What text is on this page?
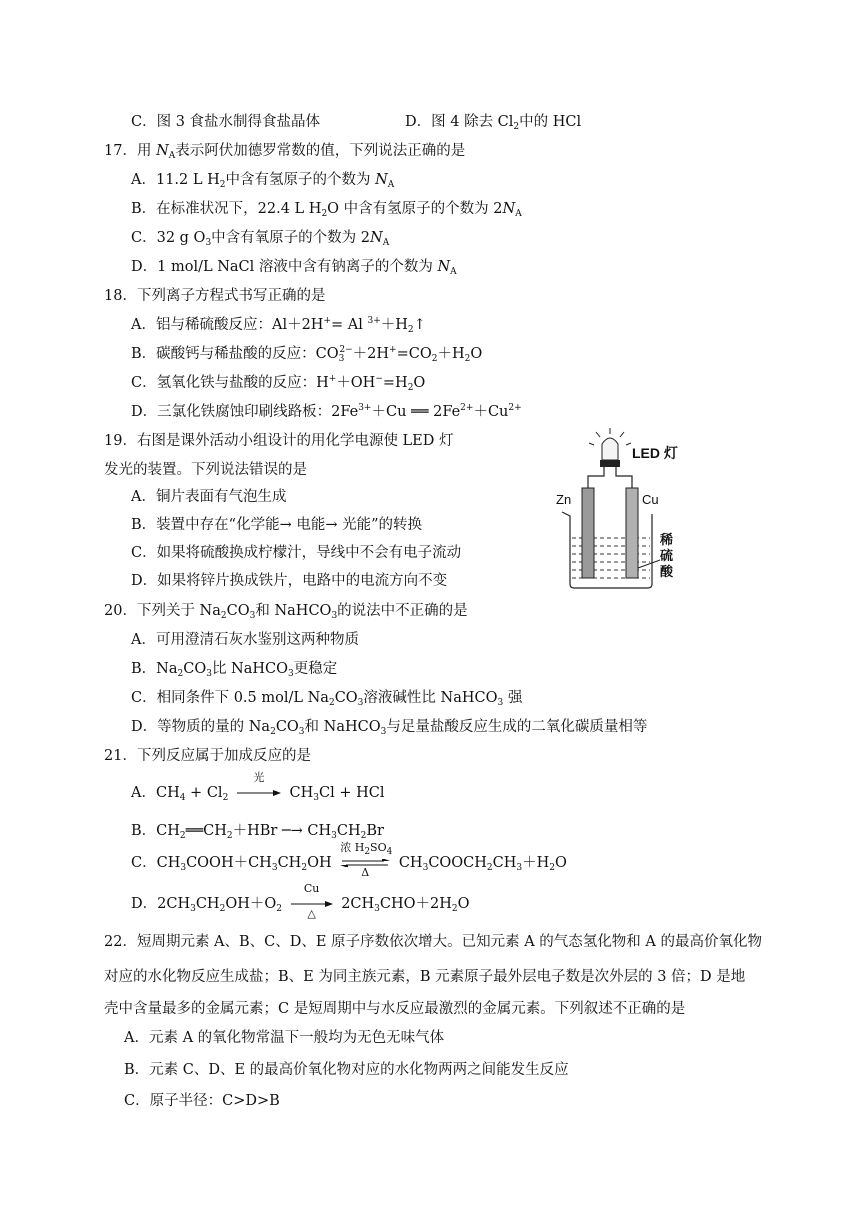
C．图 3 食盐水制得食盐晶体	D．图 4 除去 $Cl_2$中的 HCl
17．用 $N_A$表示阿伏加德罗常数的值，下列说法正确的是
A．11.2 L $H_2$中含有氢原子的个数为 $N_A$
B．在标准状况下，22.4 L $H_2O$ 中含有氢原子的个数为 $2N_A$
C．32 g $O_3$中含有氧原子的个数为 $2N_A$
D．1 mol/L NaCl 溶液中含有钠离子的个数为 $N_A$
18．下列离子方程式书写正确的是
A．铝与稀硫酸反应：Al＋2H+= Al $^{3+}+H_2↑$
B．碳酸钙与稀盐酸的反应：$CO_3^{2-}+2H^+=CO_2+H_2O$
C．氢氧化铁与盐酸的反应：$H^++OH^-=H_2O$
D．三氯化铁腐蚀印刷线路板：$2Fe^{3+}+Cu$ ══ $2Fe^{2+}+Cu^{2+}$
19．右图是课外活动小组设计的用化学电源使 LED 灯
发光的装置。下列说法错误的是
A．铜片表面有气泡生成
B．装置中存在“化学能→ 电能→ 光能”的转换
C．如果将硫酸换成柠檬汁，导线中不会有电子流动
D．如果将锌片换成铁片，电路中的电流方向不变
LED 灯
Zn	Cu
稀
硫
酸
20．下列关于 $Na_2CO_3$和 NaHCO$_3$的说法中不正确的是
A．可用澄清石灰水鉴别这两种物质
B．$Na_2CO_3$比 NaHCO$_3$更稳定
C．相同条件下 0.5 mol/L $Na_2CO_3$溶液碱性比 NaHCO$_3$ 强
D．等物质的量的 $Na_2CO_3$和 NaHCO$_3$与足量盐酸反应生成的二氧化碳质量相等
21．下列反应属于加成反应的是
A．$CH_4 + Cl_2$
光
$CH_3Cl$ + HCl
B．$CH_2══CH_2+HBr$ ─→ $CH_3CH_2Br$
C．$CH_3COOH+CH_3CH_2OH$
浓 $H_2SO_4$
Δ
$CH_3COOCH_2CH_3+H_2O$
D．$2CH_3CH_2OH+O_2$
Cu
△
$2CH_3CHO+2H_2O$
22．短周期元素 A、B、C、D、E 原子序数依次增大。已知元素 A 的气态氢化物和 A 的最高价氧化物
对应的水化物反应生成盐；B、E 为同主族元素，B 元素原子最外层电子数是次外层的 3 倍；D 是地
壳中含量最多的金属元素；C 是短周期中与水反应最激烈的金属元素。下列叙述不正确的是
A．元素 A 的氧化物常温下一般均为无色无味气体
B．元素 C、D、E 的最高价氧化物对应的水化物两两之间能发生反应
C．原子半径：C>D>B
